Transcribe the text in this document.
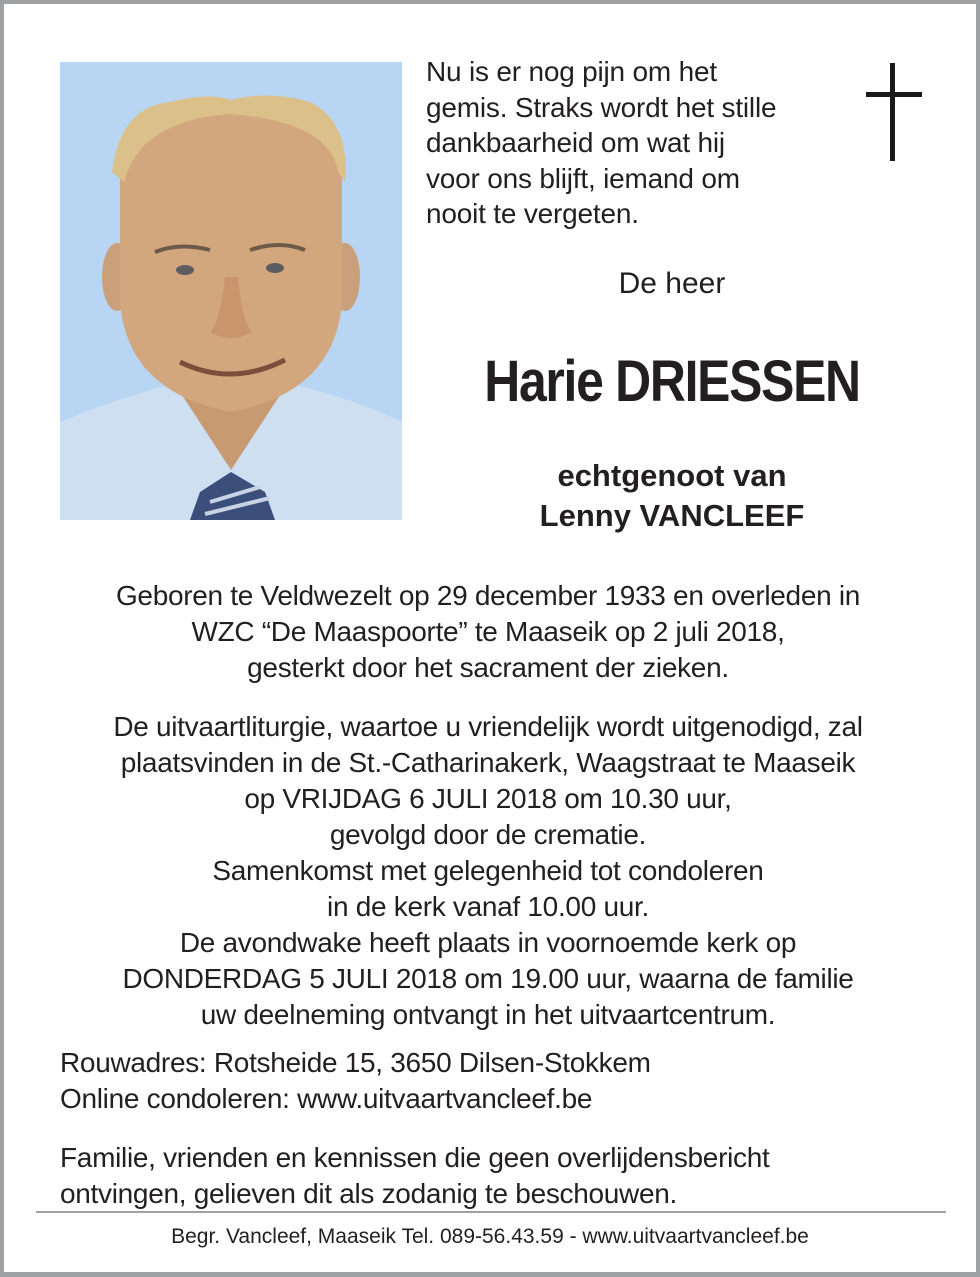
Nu is er nog pijn om het
gemis. Straks wordt het stille
dankbaarheid om wat hij
voor ons blijft, iemand om
nooit te vergeten.
De heer
Harie DRIESSEN
echtgenoot van
Lenny VANCLEEF
Geboren te Veldwezelt op 29 december 1933 en overleden in
WZC “De Maaspoorte” te Maaseik op 2 juli 2018,
gesterkt door het sacrament der zieken.
De uitvaartliturgie, waartoe u vriendelijk wordt uitgenodigd, zal
plaatsvinden in de St.-Catharinakerk, Waagstraat te Maaseik
op VRIJDAG 6 JULI 2018 om 10.30 uur,
gevolgd door de crematie.
Samenkomst met gelegenheid tot condoleren
in de kerk vanaf 10.00 uur.
De avondwake heeft plaats in voornoemde kerk op
DONDERDAG 5 JULI 2018 om 19.00 uur, waarna de familie
uw deelneming ontvangt in het uitvaartcentrum.
Rouwadres: Rotsheide 15, 3650 Dilsen-Stokkem
Online condoleren: www.uitvaartvancleef.be
Familie, vrienden en kennissen die geen overlijdensbericht
ontvingen, gelieven dit als zodanig te beschouwen.
Begr. Vancleef, Maaseik Tel. 089-56.43.59 - www.uitvaartvancleef.be
